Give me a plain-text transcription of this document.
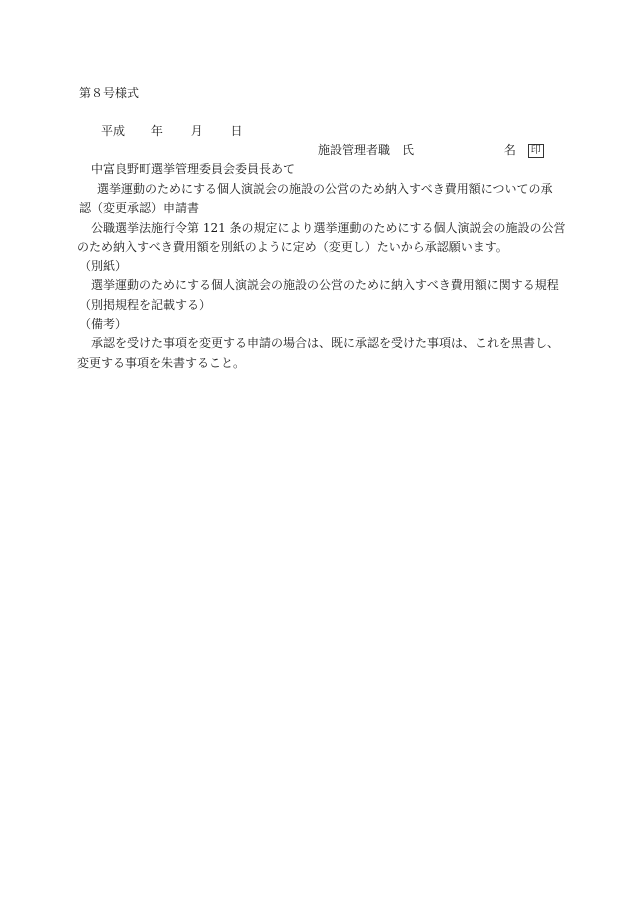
第８号様式
平成 年 月 日
施設管理者職　氏	名 印
中富良野町選挙管理委員会委員長あて
選挙運動のためにする個人演説会の施設の公営のため納入すべき費用額についての承
認（変更承認）申請書
公職選挙法施行令第 121 条の規定により選挙運動のためにする個人演説会の施設の公営
のため納入すべき費用額を別紙のように定め（変更し）たいから承認願います。
（別紙）
選挙運動のためにする個人演説会の施設の公営のために納入すべき費用額に関する規程
（別掲規程を記載する）
（備考）
承認を受けた事項を変更する申請の場合は、既に承認を受けた事項は、これを黒書し、
変更する事項を朱書すること。
